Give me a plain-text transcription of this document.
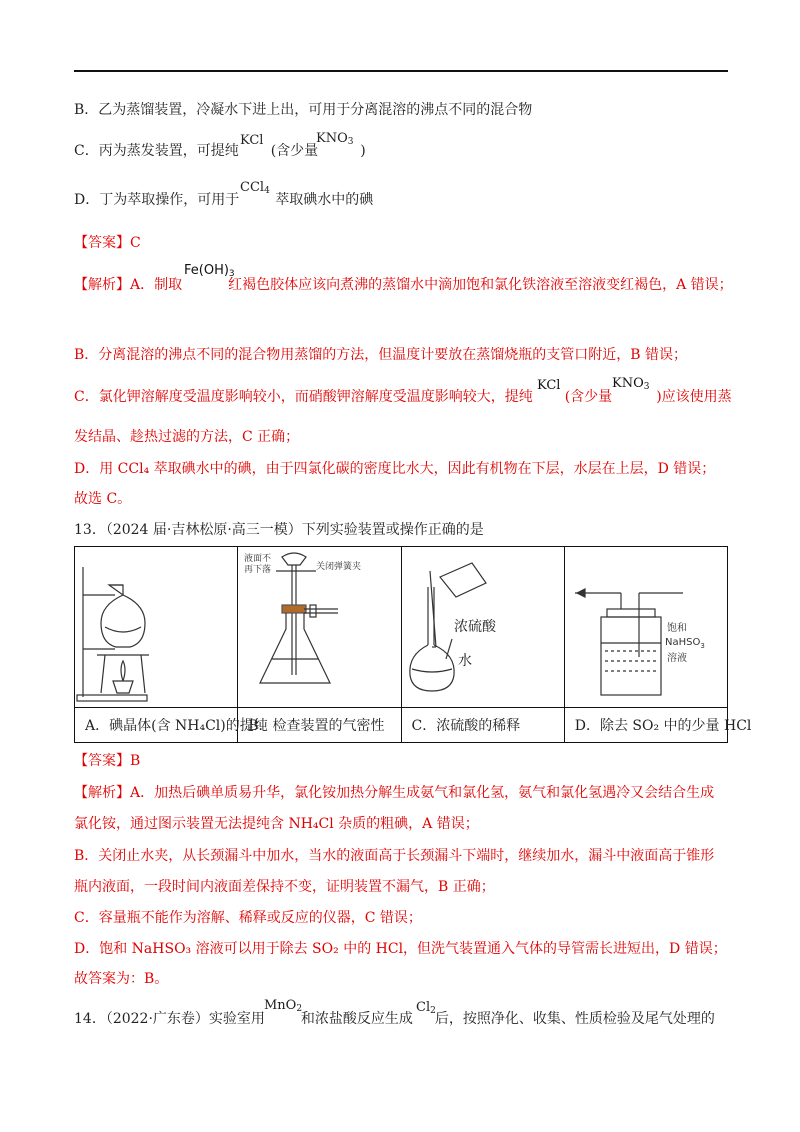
B．乙为蒸馏装置，冷凝水下进上出，可用于分离混溶的沸点不同的混合物
C．丙为蒸发装置，可提纯 (含少量	)
KCl	$KNO_3$
D．丁为萃取操作，可用于	萃取碘水中的碘
CCl$_4$
【答案】C
【解析】A．制取	红褐色胶体应该向煮沸的蒸馏水中滴加饱和氯化铁溶液至溶液变红褐色，A 错误；
$Fe(OH)_3$
B．分离混溶的沸点不同的混合物用蒸馏的方法，但温度计要放在蒸馏烧瓶的支管口附近，B 错误；
C．氯化钾溶解度受温度影响较小，而硝酸钾溶解度受温度影响较大，提纯 (含少量	)应该使用蒸
KCl	$KNO_3$
发结晶、趁热过滤的方法，C 正确；
D．用 CCl₄ 萃取碘水中的碘，由于四氯化碳的密度比水大，因此有机物在下层，水层在上层，D 错误；
故选 C。
13．（2024 届·吉林松原·高三一模）下列实验装置或操作正确的是

液面不
再下落 关闭弹簧夹	浓硫酸
水	饱和
NaHSO$_3$
溶液

A．碘晶体(含 NH₄Cl)的提纯	B．检查装置的气密性	C．浓硫酸的稀释	D．除去 SO₂ 中的少量 HCl
【答案】B
【解析】A．加热后碘单质易升华，氯化铵加热分解生成氨气和氯化氢，氨气和氯化氢遇冷又会结合生成
氯化铵，通过图示装置无法提纯含 NH₄Cl 杂质的粗碘，A 错误；
B．关闭止水夹，从长颈漏斗中加水，当水的液面高于长颈漏斗下端时，继续加水，漏斗中液面高于锥形
瓶内液面，一段时间内液面差保持不变，证明装置不漏气，B 正确；
C．容量瓶不能作为溶解、稀释或反应的仪器，C 错误；
D．饱和 NaHSO₃ 溶液可以用于除去 SO₂ 中的 HCl，但洗气装置通入气体的导管需长进短出，D 错误；
故答案为：B。
14．（2022·广东卷）实验室用	和浓盐酸反应生成 后，按照净化、收集、性质检验及尾气处理的
MnO$_2$	$Cl_2$
